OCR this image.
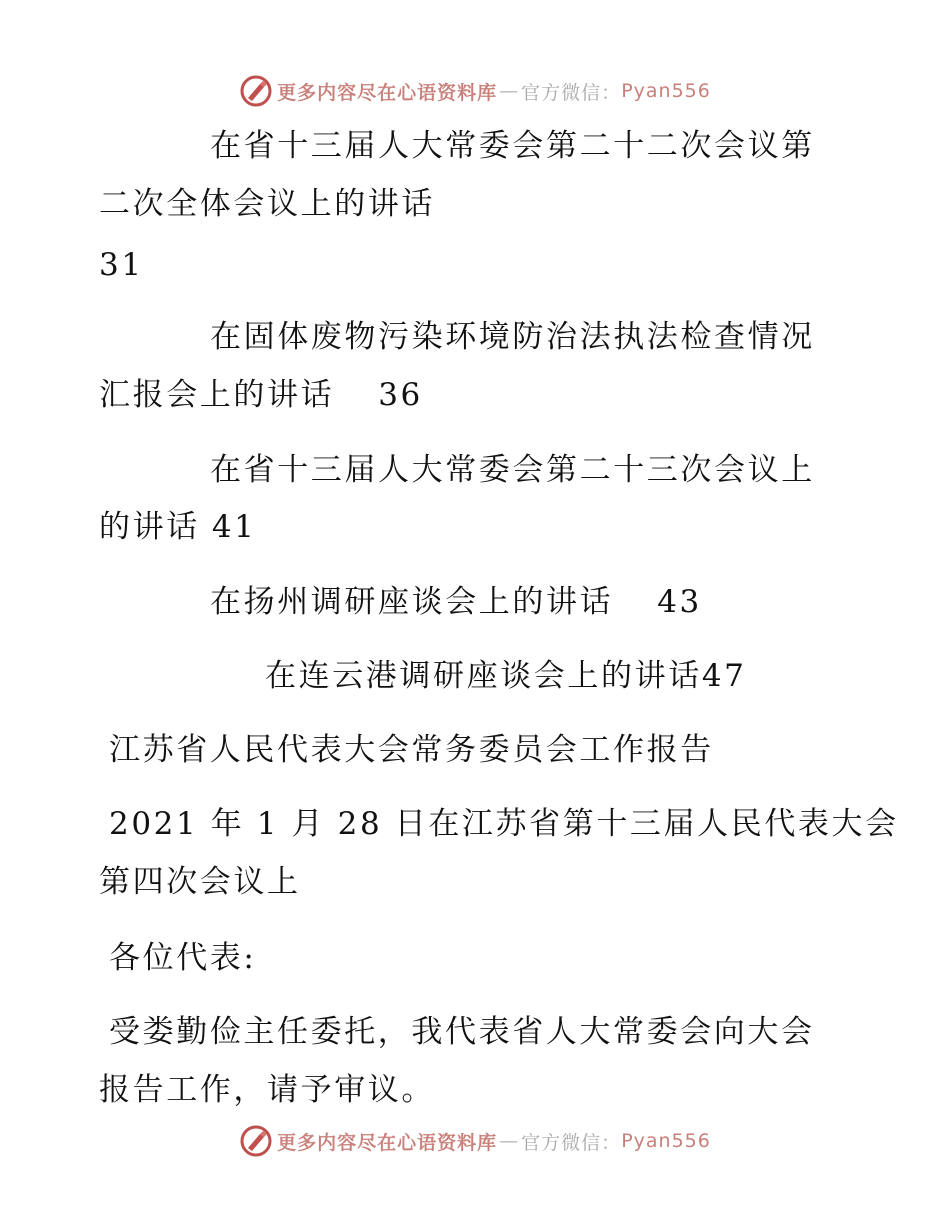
更多内容尽在心语资料库 — 官方微信： Pyan556
在省十三届人大常委会第二十二次会议第
二次全体会议上的讲话
31
在固体废物污染环境防治法执法检查情况
汇报会上的讲话 36
在省十三届人大常委会第二十三次会议上
的讲话 41
在扬州调研座谈会上的讲话 43
在连云港调研座谈会上的讲话47
江苏省人民代表大会常务委员会工作报告
2021 年 1 月 28 日在江苏省第十三届人民代表大会
第四次会议上
各位代表:
受娄勤俭主任委托，我代表省人大常委会向大会
报告工作，请予审议。
更多内容尽在心语资料库 — 官方微信： Pyan556
